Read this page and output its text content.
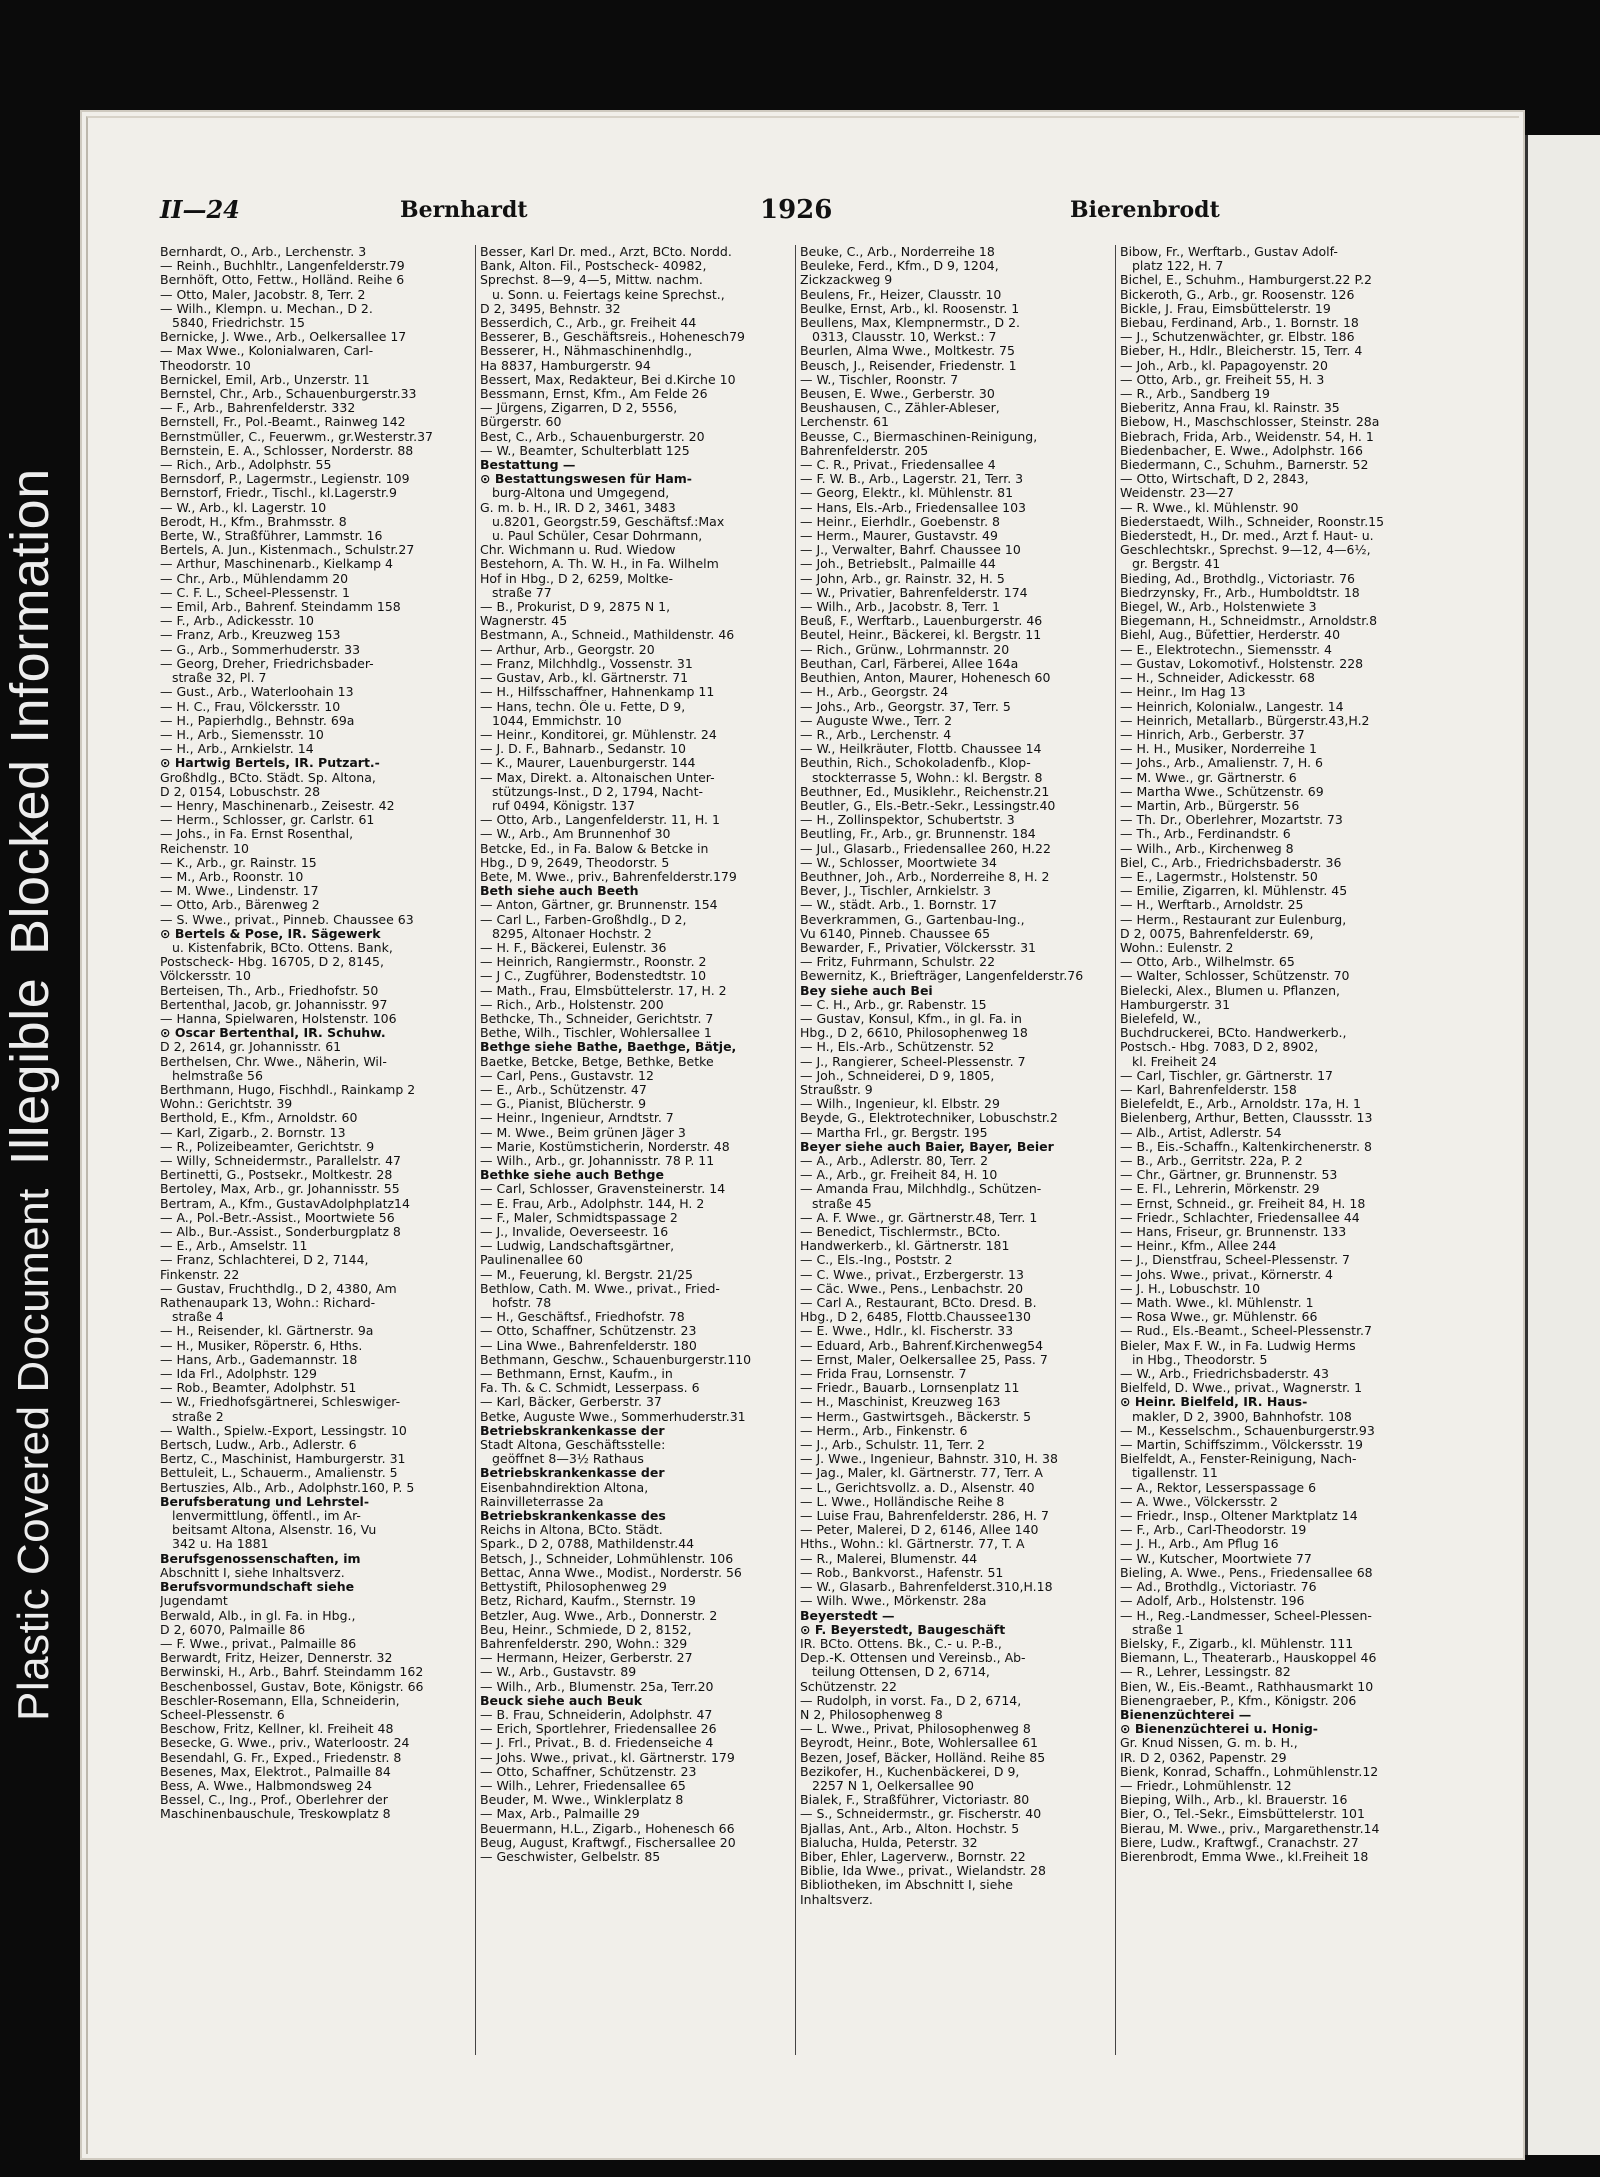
Plastic Covered Document Illegible Blocked Information
II—24	Bernhardt	1926	Bierenbrodt
Bernhardt, O., Arb., Lerchenstr. 3
— Reinh., Buchhltr., Langenfelderstr.79
Bernhöft, Otto, Fettw., Holländ. Reihe 6
— Otto, Maler, Jacobstr. 8, Terr. 2
— Wilh., Klempn. u. Mechan., D 2.
5840, Friedrichstr. 15
Bernicke, J. Wwe., Arb., Oelkersallee 17
— Max Wwe., Kolonialwaren, Carl-
Theodorstr. 10
Bernickel, Emil, Arb., Unzerstr. 11
Bernstel, Chr., Arb., Schauenburgerstr.33
— F., Arb., Bahrenfelderstr. 332
Bernstell, Fr., Pol.-Beamt., Rainweg 142
Bernstmüller, C., Feuerwm., gr.Westerstr.37
Bernstein, E. A., Schlosser, Norderstr. 88
— Rich., Arb., Adolphstr. 55
Bernsdorf, P., Lagermstr., Legienstr. 109
Bernstorf, Friedr., Tischl., kl.Lagerstr.9
— W., Arb., kl. Lagerstr. 10
Berodt, H., Kfm., Brahmsstr. 8
Berte, W., Straßführer, Lammstr. 16
Bertels, A. Jun., Kistenmach., Schulstr.27
— Arthur, Maschinenarb., Kielkamp 4
— Chr., Arb., Mühlendamm 20
— C. F. L., Scheel-Plessenstr. 1
— Emil, Arb., Bahrenf. Steindamm 158
— F., Arb., Adickesstr. 10
— Franz, Arb., Kreuzweg 153
— G., Arb., Sommerhuderstr. 33
— Georg, Dreher, Friedrichsbader-
straße 32, Pl. 7
— Gust., Arb., Waterloohain 13
— H. C., Frau, Völckersstr. 10
— H., Papierhdlg., Behnstr. 69a
— H., Arb., Siemensstr. 10
— H., Arb., Arnkielstr. 14
⊙ Hartwig Bertels, IR. Putzart.-
Großhdlg., BCto. Städt. Sp. Altona,
D 2, 0154, Lobuschstr. 28
— Henry, Maschinenarb., Zeisestr. 42
— Herm., Schlosser, gr. Carlstr. 61
— Johs., in Fa. Ernst Rosenthal,
Reichenstr. 10
— K., Arb., gr. Rainstr. 15
— M., Arb., Roonstr. 10
— M. Wwe., Lindenstr. 17
— Otto, Arb., Bärenweg 2
— S. Wwe., privat., Pinneb. Chaussee 63
⊙ Bertels & Pose, IR. Sägewerk
u. Kistenfabrik, BCto. Ottens. Bank,
Postscheck- Hbg. 16705, D 2, 8145,
Völckersstr. 10
Berteisen, Th., Arb., Friedhofstr. 50
Bertenthal, Jacob, gr. Johannisstr. 97
— Hanna, Spielwaren, Holstenstr. 106
⊙ Oscar Bertenthal, IR. Schuhw.
D 2, 2614, gr. Johannisstr. 61
Berthelsen, Chr. Wwe., Näherin, Wil-
helmstraße 56
Berthmann, Hugo, Fischhdl., Rainkamp 2
Wohn.: Gerichtstr. 39
Berthold, E., Kfm., Arnoldstr. 60
— Karl, Zigarb., 2. Bornstr. 13
— R., Polizeibeamter, Gerichtstr. 9
— Willy, Schneidermstr., Parallelstr. 47
Bertinetti, G., Postsekr., Moltkestr. 28
Bertoley, Max, Arb., gr. Johannisstr. 55
Bertram, A., Kfm., GustavAdolphplatz14
— A., Pol.-Betr.-Assist., Moortwiete 56
— Alb., Bur.-Assist., Sonderburgplatz 8
— E., Arb., Amselstr. 11
— Franz, Schlachterei, D 2, 7144,
Finkenstr. 22
— Gustav, Fruchthdlg., D 2, 4380, Am
Rathenaupark 13, Wohn.: Richard-
straße 4
— H., Reisender, kl. Gärtnerstr. 9a
— H., Musiker, Röperstr. 6, Hths.
— Hans, Arb., Gademannstr. 18
— Ida Frl., Adolphstr. 129
— Rob., Beamter, Adolphstr. 51
— W., Friedhofsgärtnerei, Schleswiger-
straße 2
— Walth., Spielw.-Export, Lessingstr. 10
Bertsch, Ludw., Arb., Adlerstr. 6
Bertz, C., Maschinist, Hamburgerstr. 31
Bettuleit, L., Schauerm., Amalienstr. 5
Bertuszies, Alb., Arb., Adolphstr.160, P. 5
Berufsberatung und Lehrstel-
lenvermittlung, öffentl., im Ar-
beitsamt Altona, Alsenstr. 16, Vu
342 u. Ha 1881
Berufsgenossenschaften, im
Abschnitt I, siehe Inhaltsverz.
Berufsvormundschaft siehe
Jugendamt
Berwald, Alb., in gl. Fa. in Hbg.,
D 2, 6070, Palmaille 86
— F. Wwe., privat., Palmaille 86
Berwardt, Fritz, Heizer, Dennerstr. 32
Berwinski, H., Arb., Bahrf. Steindamm 162
Beschenbossel, Gustav, Bote, Königstr. 66
Beschler-Rosemann, Ella, Schneiderin,
Scheel-Plessenstr. 6
Beschow, Fritz, Kellner, kl. Freiheit 48
Besecke, G. Wwe., priv., Waterloostr. 24
Besendahl, G. Fr., Exped., Friedenstr. 8
Besenes, Max, Elektrot., Palmaille 84
Bess, A. Wwe., Halbmondsweg 24
Bessel, C., Ing., Prof., Oberlehrer der
Maschinenbauschule, Treskowplatz 8
Besser, Karl Dr. med., Arzt, BCto. Nordd.
Bank, Alton. Fil., Postscheck- 40982,
Sprechst. 8—9, 4—5, Mittw. nachm.
u. Sonn. u. Feiertags keine Sprechst.,
D 2, 3495, Behnstr. 32
Besserdich, C., Arb., gr. Freiheit 44
Besserer, B., Geschäftsreis., Hohenesch79
Besserer, H., Nähmaschinenhdlg.,
Ha 8837, Hamburgerstr. 94
Bessert, Max, Redakteur, Bei d.Kirche 10
Bessmann, Ernst, Kfm., Am Felde 26
— Jürgens, Zigarren, D 2, 5556,
Bürgerstr. 60
Best, C., Arb., Schauenburgerstr. 20
— W., Beamter, Schulterblatt 125
Bestattung —
⊙ Bestattungswesen für Ham-
burg-Altona und Umgegend,
G. m. b. H., IR. D 2, 3461, 3483
u.8201, Georgstr.59, Geschäftsf.:Max
u. Paul Schüler, Cesar Dohrmann,
Chr. Wichmann u. Rud. Wiedow
Bestehorn, A. Th. W. H., in Fa. Wilhelm
Hof in Hbg., D 2, 6259, Moltke-
straße 77
— B., Prokurist, D 9, 2875 N 1,
Wagnerstr. 45
Bestmann, A., Schneid., Mathildenstr. 46
— Arthur, Arb., Georgstr. 20
— Franz, Milchhdlg., Vossenstr. 31
— Gustav, Arb., kl. Gärtnerstr. 71
— H., Hilfsschaffner, Hahnenkamp 11
— Hans, techn. Öle u. Fette, D 9,
1044, Emmichstr. 10
— Heinr., Konditorei, gr. Mühlenstr. 24
— J. D. F., Bahnarb., Sedanstr. 10
— K., Maurer, Lauenburgerstr. 144
— Max, Direkt. a. Altonaischen Unter-
stützungs-Inst., D 2, 1794, Nacht-
ruf 0494, Königstr. 137
— Otto, Arb., Langenfelderstr. 11, H. 1
— W., Arb., Am Brunnenhof 30
Betcke, Ed., in Fa. Balow & Betcke in
Hbg., D 9, 2649, Theodorstr. 5
Bete, M. Wwe., priv., Bahrenfelderstr.179
Beth siehe auch Beeth
— Anton, Gärtner, gr. Brunnenstr. 154
— Carl L., Farben-Großhdlg., D 2,
8295, Altonaer Hochstr. 2
— H. F., Bäckerei, Eulenstr. 36
— Heinrich, Rangiermstr., Roonstr. 2
— J C., Zugführer, Bodenstedtstr. 10
— Math., Frau, Elmsbüttelerstr. 17, H. 2
— Rich., Arb., Holstenstr. 200
Bethcke, Th., Schneider, Gerichtstr. 7
Bethe, Wilh., Tischler, Wohlersallee 1
Bethge siehe Bathe, Baethge, Bätje,
Baetke, Betcke, Betge, Bethke, Betke
— Carl, Pens., Gustavstr. 12
— E., Arb., Schützenstr. 47
— G., Pianist, Blücherstr. 9
— Heinr., Ingenieur, Arndtstr. 7
— M. Wwe., Beim grünen Jäger 3
— Marie, Kostümsticherin, Norderstr. 48
— Wilh., Arb., gr. Johannisstr. 78 P. 11
Bethke siehe auch Bethge
— Carl, Schlosser, Gravensteinerstr. 14
— E. Frau, Arb., Adolphstr. 144, H. 2
— F., Maler, Schmidtspassage 2
— J., Invalide, Oeverseestr. 16
— Ludwig, Landschaftsgärtner,
Paulinenallee 60
— M., Feuerung, kl. Bergstr. 21/25
Bethlow, Cath. M. Wwe., privat., Fried-
hofstr. 78
— H., Geschäftsf., Friedhofstr. 78
— Otto, Schaffner, Schützenstr. 23
— Lina Wwe., Bahrenfelderstr. 180
Bethmann, Geschw., Schauenburgerstr.110
— Bethmann, Ernst, Kaufm., in
Fa. Th. & C. Schmidt, Lesserpass. 6
— Karl, Bäcker, Gerberstr. 37
Betke, Auguste Wwe., Sommerhuderstr.31
Betriebskrankenkasse der
Stadt Altona, Geschäftsstelle:
geöffnet 8—3½ Rathaus
Betriebskrankenkasse der
Eisenbahndirektion Altona,
Rainvilleterrasse 2a
Betriebskrankenkasse des
Reichs in Altona, BCto. Städt.
Spark., D 2, 0788, Mathildenstr.44
Betsch, J., Schneider, Lohmühlenstr. 106
Bettac, Anna Wwe., Modist., Norderstr. 56
Bettystift, Philosophenweg 29
Betz, Richard, Kaufm., Sternstr. 19
Betzler, Aug. Wwe., Arb., Donnerstr. 2
Beu, Heinr., Schmiede, D 2, 8152,
Bahrenfelderstr. 290, Wohn.: 329
— Hermann, Heizer, Gerberstr. 27
— W., Arb., Gustavstr. 89
— Wilh., Arb., Blumenstr. 25a, Terr.20
Beuck siehe auch Beuk
— B. Frau, Schneiderin, Adolphstr. 47
— Erich, Sportlehrer, Friedensallee 26
— J. Frl., Privat., B. d. Friedenseiche 4
— Johs. Wwe., privat., kl. Gärtnerstr. 179
— Otto, Schaffner, Schützenstr. 23
— Wilh., Lehrer, Friedensallee 65
Beuder, M. Wwe., Winklerplatz 8
— Max, Arb., Palmaille 29
Beuermann, H.L., Zigarb., Hohenesch 66
Beug, August, Kraftwgf., Fischersallee 20
— Geschwister, Gelbelstr. 85
Beuke, C., Arb., Norderreihe 18
Beuleke, Ferd., Kfm., D 9, 1204,
Zickzackweg 9
Beulens, Fr., Heizer, Clausstr. 10
Beulke, Ernst, Arb., kl. Roosenstr. 1
Beullens, Max, Klempnermstr., D 2.
0313, Clausstr. 10, Werkst.: 7
Beurlen, Alma Wwe., Moltkestr. 75
Beusch, J., Reisender, Friedenstr. 1
— W., Tischler, Roonstr. 7
Beusen, E. Wwe., Gerberstr. 30
Beushausen, C., Zähler-Ableser,
Lerchenstr. 61
Beusse, C., Biermaschinen-Reinigung,
Bahrenfelderstr. 205
— C. R., Privat., Friedensallee 4
— F. W. B., Arb., Lagerstr. 21, Terr. 3
— Georg, Elektr., kl. Mühlenstr. 81
— Hans, Els.-Arb., Friedensallee 103
— Heinr., Eierhdlr., Goebenstr. 8
— Herm., Maurer, Gustavstr. 49
— J., Verwalter, Bahrf. Chaussee 10
— Joh., Betriebslt., Palmaille 44
— John, Arb., gr. Rainstr. 32, H. 5
— W., Privatier, Bahrenfelderstr. 174
— Wilh., Arb., Jacobstr. 8, Terr. 1
Beuß, F., Werftarb., Lauenburgerstr. 46
Beutel, Heinr., Bäckerei, kl. Bergstr. 11
— Rich., Grünw., Lohrmannstr. 20
Beuthan, Carl, Färberei, Allee 164a
Beuthien, Anton, Maurer, Hohenesch 60
— H., Arb., Georgstr. 24
— Johs., Arb., Georgstr. 37, Terr. 5
— Auguste Wwe., Terr. 2
— R., Arb., Lerchenstr. 4
— W., Heilkräuter, Flottb. Chaussee 14
Beuthin, Rich., Schokoladenfb., Klop-
stockterrasse 5, Wohn.: kl. Bergstr. 8
Beuthner, Ed., Musiklehr., Reichenstr.21
Beutler, G., Els.-Betr.-Sekr., Lessingstr.40
— H., Zollinspektor, Schubertstr. 3
Beutling, Fr., Arb., gr. Brunnenstr. 184
— Jul., Glasarb., Friedensallee 260, H.22
— W., Schlosser, Moortwiete 34
Beuthner, Joh., Arb., Norderreihe 8, H. 2
Bever, J., Tischler, Arnkielstr. 3
— W., städt. Arb., 1. Bornstr. 17
Beverkrammen, G., Gartenbau-Ing.,
Vu 6140, Pinneb. Chaussee 65
Bewarder, F., Privatier, Völckersstr. 31
— Fritz, Fuhrmann, Schulstr. 22
Bewernitz, K., Briefträger, Langenfelderstr.76
Bey siehe auch Bei
— C. H., Arb., gr. Rabenstr. 15
— Gustav, Konsul, Kfm., in gl. Fa. in
Hbg., D 2, 6610, Philosophenweg 18
— H., Els.-Arb., Schützenstr. 52
— J., Rangierer, Scheel-Plessenstr. 7
— Joh., Schneiderei, D 9, 1805,
Straußstr. 9
— Wilh., Ingenieur, kl. Elbstr. 29
Beyde, G., Elektrotechniker, Lobuschstr.2
— Martha Frl., gr. Bergstr. 195
Beyer siehe auch Baier, Bayer, Beier
— A., Arb., Adlerstr. 80, Terr. 2
— A., Arb., gr. Freiheit 84, H. 10
— Amanda Frau, Milchhdlg., Schützen-
straße 45
— A. F. Wwe., gr. Gärtnerstr.48, Terr. 1
— Benedict, Tischlermstr., BCto.
Handwerkerb., kl. Gärtnerstr. 181
— C., Els.-Ing., Poststr. 2
— C. Wwe., privat., Erzbergerstr. 13
— Cäc. Wwe., Pens., Lenbachstr. 20
— Carl A., Restaurant, BCto. Dresd. B.
Hbg., D 2, 6485, Flottb.Chaussee130
— E. Wwe., Hdlr., kl. Fischerstr. 33
— Eduard, Arb., Bahrenf.Kirchenweg54
— Ernst, Maler, Oelkersallee 25, Pass. 7
— Frida Frau, Lornsenstr. 7
— Friedr., Bauarb., Lornsenplatz 11
— H., Maschinist, Kreuzweg 163
— Herm., Gastwirtsgeh., Bäckerstr. 5
— Herm., Arb., Finkenstr. 6
— J., Arb., Schulstr. 11, Terr. 2
— J. Wwe., Ingenieur, Bahnstr. 310, H. 38
— Jag., Maler, kl. Gärtnerstr. 77, Terr. A
— L., Gerichtsvollz. a. D., Alsenstr. 40
— L. Wwe., Holländische Reihe 8
— Luise Frau, Bahrenfelderstr. 286, H. 7
— Peter, Malerei, D 2, 6146, Allee 140
Hths., Wohn.: kl. Gärtnerstr. 77, T. A
— R., Malerei, Blumenstr. 44
— Rob., Bankvorst., Hafenstr. 51
— W., Glasarb., Bahrenfelderst.310,H.18
— Wilh. Wwe., Mörkenstr. 28a
Beyerstedt —
⊙ F. Beyerstedt, Baugeschäft
IR. BCto. Ottens. Bk., C.- u. P.-B.,
Dep.-K. Ottensen und Vereinsb., Ab-
teilung Ottensen, D 2, 6714,
Schützenstr. 22
— Rudolph, in vorst. Fa., D 2, 6714,
N 2, Philosophenweg 8
— L. Wwe., Privat, Philosophenweg 8
Beyrodt, Heinr., Bote, Wohlersallee 61
Bezen, Josef, Bäcker, Holländ. Reihe 85
Bezikofer, H., Kuchenbäckerei, D 9,
2257 N 1, Oelkersallee 90
Bialek, F., Straßführer, Victoriastr. 80
— S., Schneidermstr., gr. Fischerstr. 40
Bjallas, Ant., Arb., Alton. Hochstr. 5
Bialucha, Hulda, Peterstr. 32
Biber, Ehler, Lagerverw., Bornstr. 22
Biblie, Ida Wwe., privat., Wielandstr. 28
Bibliotheken, im Abschnitt I, siehe
Inhaltsverz.
Bibow, Fr., Werftarb., Gustav Adolf-
platz 122, H. 7
Bichel, E., Schuhm., Hamburgerst.22 P.2
Bickeroth, G., Arb., gr. Roosenstr. 126
Bickle, J. Frau, Eimsbüttelerstr. 19
Biebau, Ferdinand, Arb., 1. Bornstr. 18
— J., Schutzenwächter, gr. Elbstr. 186
Bieber, H., Hdlr., Bleicherstr. 15, Terr. 4
— Joh., Arb., kl. Papagoyenstr. 20
— Otto, Arb., gr. Freiheit 55, H. 3
— R., Arb., Sandberg 19
Bieberitz, Anna Frau, kl. Rainstr. 35
Biebow, H., Maschschlosser, Steinstr. 28a
Biebrach, Frida, Arb., Weidenstr. 54, H. 1
Biedenbacher, E. Wwe., Adolphstr. 166
Biedermann, C., Schuhm., Barnerstr. 52
— Otto, Wirtschaft, D 2, 2843,
Weidenstr. 23—27
— R. Wwe., kl. Mühlenstr. 90
Biederstaedt, Wilh., Schneider, Roonstr.15
Biederstedt, H., Dr. med., Arzt f. Haut- u.
Geschlechtskr., Sprechst. 9—12, 4—6½,
gr. Bergstr. 41
Bieding, Ad., Brothdlg., Victoriastr. 76
Biedrzynsky, Fr., Arb., Humboldtstr. 18
Biegel, W., Arb., Holstenwiete 3
Biegemann, H., Schneidmstr., Arnoldstr.8
Biehl, Aug., Büfettier, Herderstr. 40
— E., Elektrotechn., Siemensstr. 4
— Gustav, Lokomotivf., Holstenstr. 228
— H., Schneider, Adickesstr. 68
— Heinr., Im Hag 13
— Heinrich, Kolonialw., Langestr. 14
— Heinrich, Metallarb., Bürgerstr.43,H.2
— Hinrich, Arb., Gerberstr. 37
— H. H., Musiker, Norderreihe 1
— Johs., Arb., Amalienstr. 7, H. 6
— M. Wwe., gr. Gärtnerstr. 6
— Martha Wwe., Schützenstr. 69
— Martin, Arb., Bürgerstr. 56
— Th. Dr., Oberlehrer, Mozartstr. 73
— Th., Arb., Ferdinandstr. 6
— Wilh., Arb., Kirchenweg 8
Biel, C., Arb., Friedrichsbaderstr. 36
— E., Lagermstr., Holstenstr. 50
— Emilie, Zigarren, kl. Mühlenstr. 45
— H., Werftarb., Arnoldstr. 25
— Herm., Restaurant zur Eulenburg,
D 2, 0075, Bahrenfelderstr. 69,
Wohn.: Eulenstr. 2
— Otto, Arb., Wilhelmstr. 65
— Walter, Schlosser, Schützenstr. 70
Bielecki, Alex., Blumen u. Pflanzen,
Hamburgerstr. 31
Bielefeld, W.,
Buchdruckerei, BCto. Handwerkerb.,
Postsch.- Hbg. 7083, D 2, 8902,
kl. Freiheit 24
— Carl, Tischler, gr. Gärtnerstr. 17
— Karl, Bahrenfelderstr. 158
Bielefeldt, E., Arb., Arnoldstr. 17a, H. 1
Bielenberg, Arthur, Betten, Claussstr. 13
— Alb., Artist, Adlerstr. 54
— B., Eis.-Schaffn., Kaltenkirchenerstr. 8
— B., Arb., Gerritstr. 22a, P. 2
— Chr., Gärtner, gr. Brunnenstr. 53
— E. Fl., Lehrerin, Mörkenstr. 29
— Ernst, Schneid., gr. Freiheit 84, H. 18
— Friedr., Schlachter, Friedensallee 44
— Hans, Friseur, gr. Brunnenstr. 133
— Heinr., Kfm., Allee 244
— J., Dienstfrau, Scheel-Plessenstr. 7
— Johs. Wwe., privat., Körnerstr. 4
— J. H., Lobuschstr. 10
— Math. Wwe., kl. Mühlenstr. 1
— Rosa Wwe., gr. Mühlenstr. 66
— Rud., Els.-Beamt., Scheel-Plessenstr.7
Bieler, Max F. W., in Fa. Ludwig Herms
in Hbg., Theodorstr. 5
— W., Arb., Friedrichsbaderstr. 43
Bielfeld, D. Wwe., privat., Wagnerstr. 1
⊙ Heinr. Bielfeld, IR. Haus-
makler, D 2, 3900, Bahnhofstr. 108
— M., Kesselschm., Schauenburgerstr.93
— Martin, Schiffszimm., Völckersstr. 19
Bielfeldt, A., Fenster-Reinigung, Nach-
tigallenstr. 11
— A., Rektor, Lesserspassage 6
— A. Wwe., Völckersstr. 2
— Friedr., Insp., Oltener Marktplatz 14
— F., Arb., Carl-Theodorstr. 19
— J. H., Arb., Am Pflug 16
— W., Kutscher, Moortwiete 77
Bieling, A. Wwe., Pens., Friedensallee 68
— Ad., Brothdlg., Victoriastr. 76
— Adolf, Arb., Holstenstr. 196
— H., Reg.-Landmesser, Scheel-Plessen-
straße 1
Bielsky, F., Zigarb., kl. Mühlenstr. 111
Biemann, L., Theaterarb., Hauskoppel 46
— R., Lehrer, Lessingstr. 82
Bien, W., Eis.-Beamt., Rathhausmarkt 10
Bienengraeber, P., Kfm., Königstr. 206
Bienenzüchterei —
⊙ Bienenzüchterei u. Honig-
Gr. Knud Nissen, G. m. b. H.,
IR. D 2, 0362, Papenstr. 29
Bienk, Konrad, Schaffn., Lohmühlenstr.12
— Friedr., Lohmühlenstr. 12
Bieping, Wilh., Arb., kl. Brauerstr. 16
Bier, O., Tel.-Sekr., Eimsbüttelerstr. 101
Bierau, M. Wwe., priv., Margarethenstr.14
Biere, Ludw., Kraftwgf., Cranachstr. 27
Bierenbrodt, Emma Wwe., kl.Freiheit 18
